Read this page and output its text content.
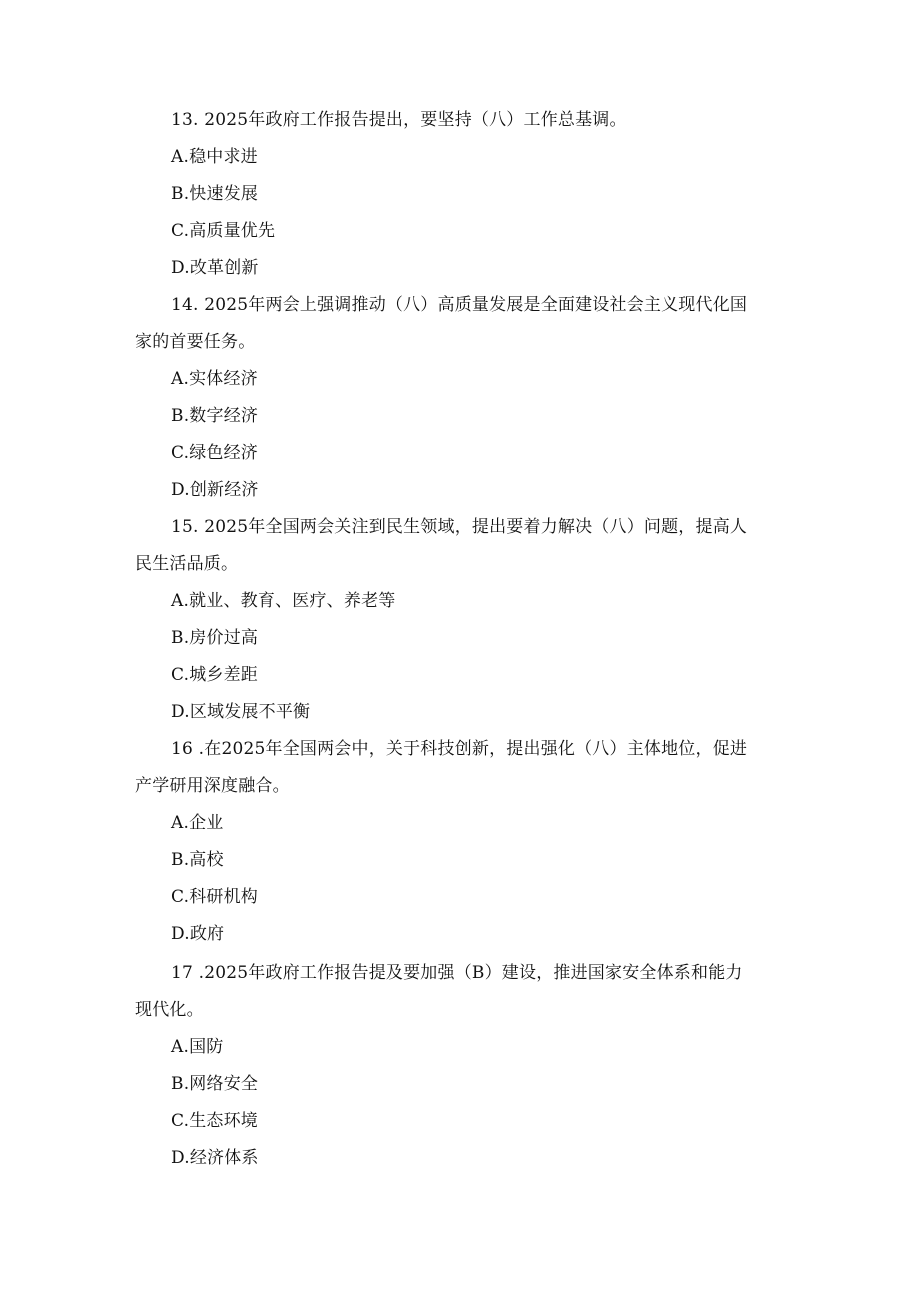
13. 2025年政府工作报告提出，要坚持（八）工作总基调。
A.稳中求进
B.快速发展
C.高质量优先
D.改革创新
14. 2025年两会上强调推动（八）高质量发展是全面建设社会主义现代化国
家的首要任务。
A.实体经济
B.数字经济
C.绿色经济
D.创新经济
15. 2025年全国两会关注到民生领域，提出要着力解决（八）问题，提高人
民生活品质。
A.就业、教育、医疗、养老等
B.房价过高
C.城乡差距
D.区域发展不平衡
16 .在2025年全国两会中，关于科技创新，提出强化（八）主体地位，促进
产学研用深度融合。
A.企业
B.高校
C.科研机构
D.政府
17 .2025年政府工作报告提及要加强（B）建设，推进国家安全体系和能力
现代化。
A.国防
B.网络安全
C.生态环境
D.经济体系
